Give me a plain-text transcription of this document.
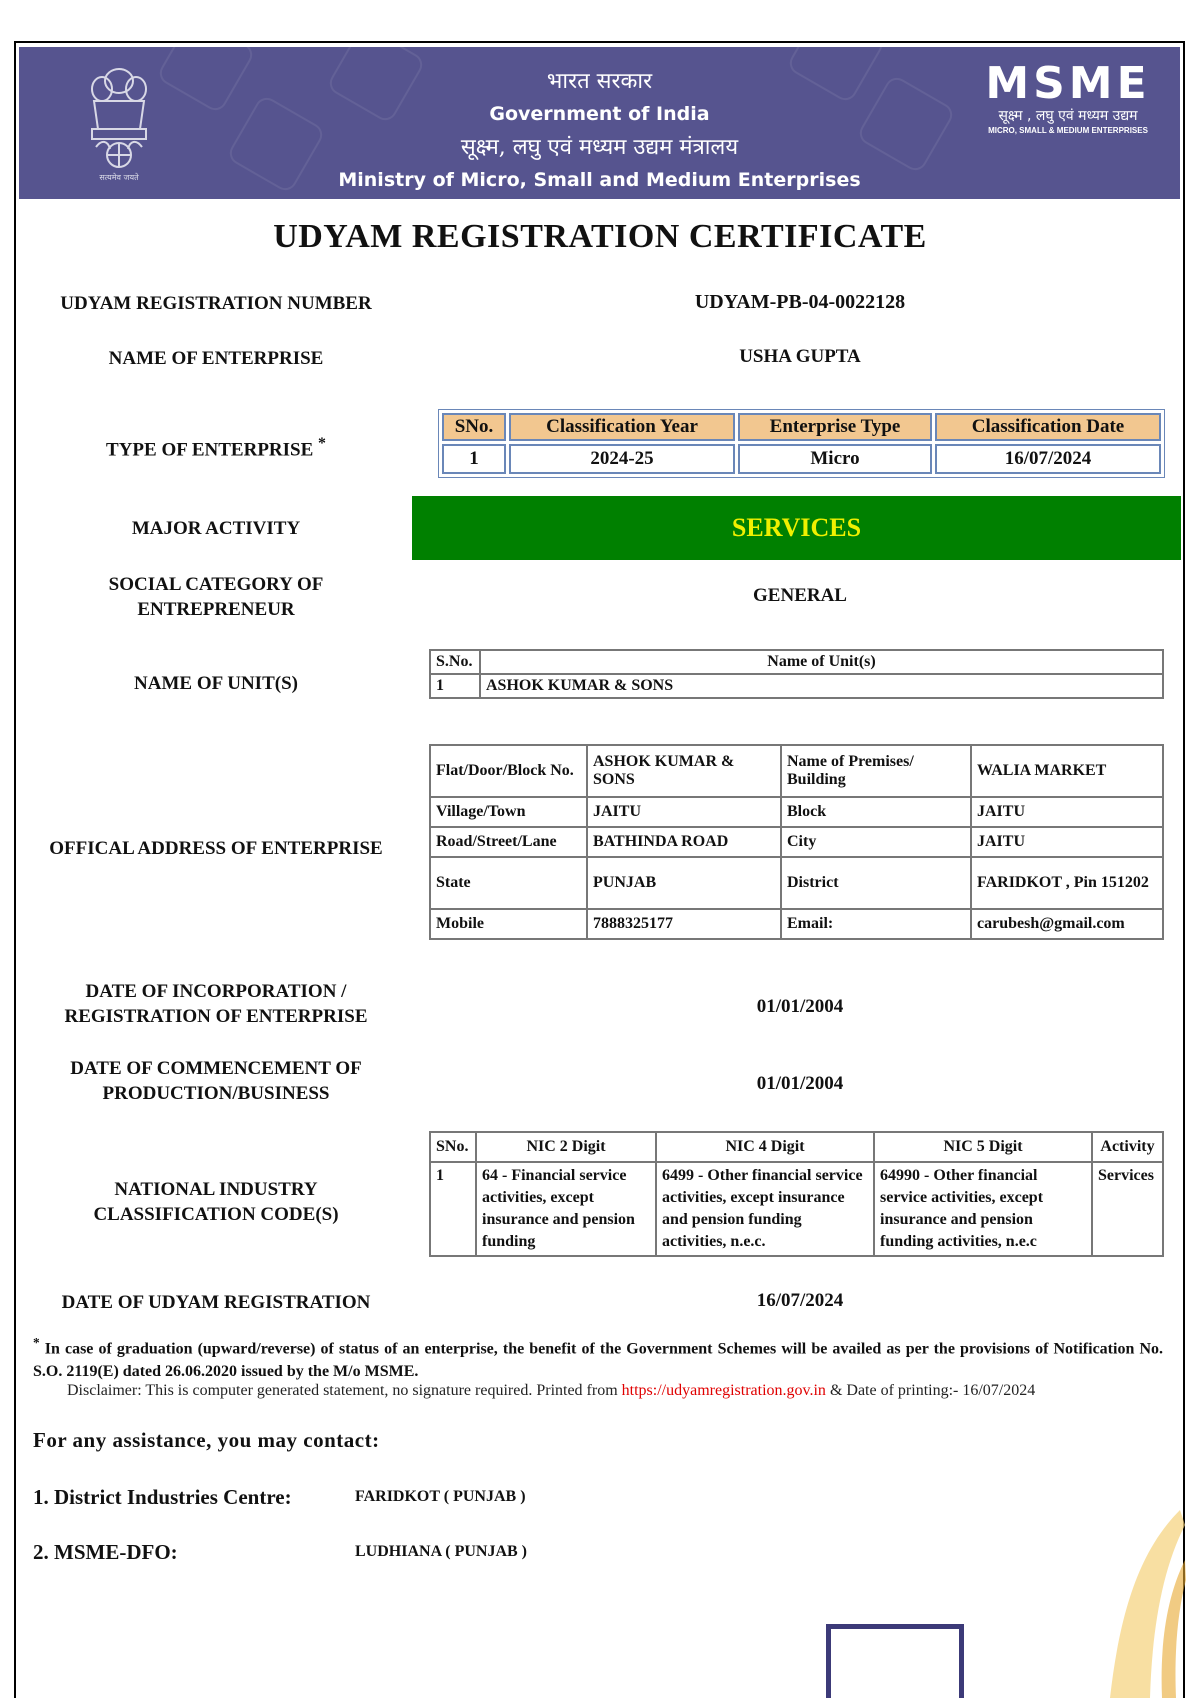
सत्यमेव जयते
भारत सरकार
Government of India
सूक्ष्म, लघु एवं मध्यम उद्यम मंत्रालय
Ministry of Micro, Small and Medium Enterprises
MSME
सूक्ष्म , लघु एवं मध्यम उद्यम
MICRO, SMALL & MEDIUM ENTERPRISES
UDYAM REGISTRATION CERTIFICATE
UDYAM REGISTRATION NUMBER	UDYAM-PB-04-0022128
NAME OF ENTERPRISE	USHA GUPTA
TYPE OF ENTERPRISE *
SNo.	Classification Year	Enterprise Type	Classification Date
1	2024-25	Micro	16/07/2024
MAJOR ACTIVITY	SERVICES
SOCIAL CATEGORY OF
ENTREPRENEUR
GENERAL
NAME OF UNIT(S)
S.No.	Name of Unit(s)
1	ASHOK KUMAR & SONS
OFFICAL ADDRESS OF ENTERPRISE
Flat/Door/Block No.	ASHOK KUMAR & SONS	Name of Premises/ Building	WALIA MARKET
Village/Town	JAITU	Block	JAITU
Road/Street/Lane	BATHINDA ROAD	City	JAITU
State	PUNJAB	District	FARIDKOT , Pin 151202
Mobile	7888325177	Email:	carubesh@gmail.com
DATE OF INCORPORATION /
REGISTRATION OF ENTERPRISE	01/01/2004
DATE OF COMMENCEMENT OF
PRODUCTION/BUSINESS	01/01/2004
NATIONAL INDUSTRY
CLASSIFICATION CODE(S)
SNo.	NIC 2 Digit	NIC 4 Digit	NIC 5 Digit	Activity
1	64 - Financial service activities, except insurance and pension funding	6499 - Other financial service activities, except insurance and pension funding activities, n.e.c.	64990 - Other financial service activities, except insurance and pension funding activities, n.e.c	Services
DATE OF UDYAM REGISTRATION	16/07/2024
* In case of graduation (upward/reverse) of status of an enterprise, the benefit of the Government Schemes will be availed as per the provisions of Notification No. S.O. 2119(E) dated 26.06.2020 issued by the M/o MSME.
Disclaimer: This is computer generated statement, no signature required. Printed from https://udyamregistration.gov.in & Date of printing:- 16/07/2024
For any assistance, you may contact:
1. District Industries Centre:	FARIDKOT ( PUNJAB )
2. MSME-DFO:	LUDHIANA ( PUNJAB )
